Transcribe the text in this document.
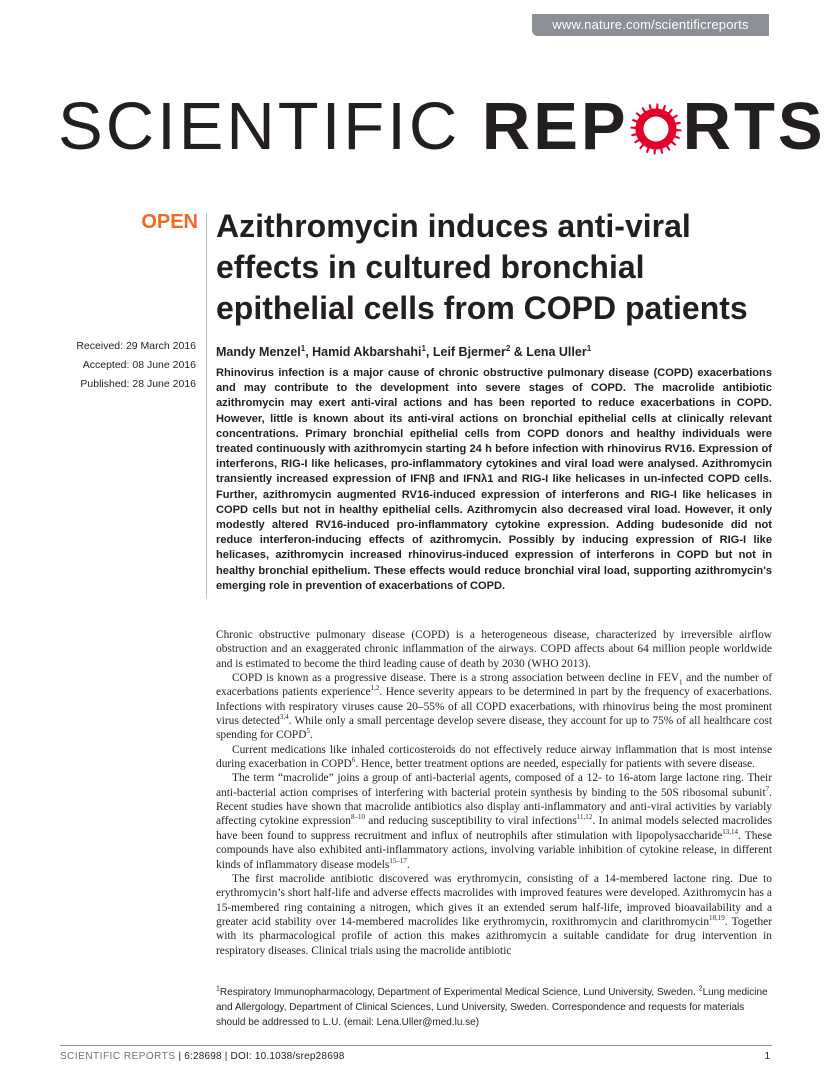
www.nature.com/scientificreports
SCIENTIFIC REP RTS
OPEN Azithromycin induces anti-viral effects in cultured bronchial epithelial cells from COPD patients
Received: 29 March 2016
Accepted: 08 June 2016
Published: 28 June 2016
Mandy Menzel$^1$, Hamid Akbarshahi$^1$, Leif Bjermer$^2$ & Lena Uller$^1$

Rhinovirus infection is a major cause of chronic obstructive pulmonary disease (COPD) exacerbations and may contribute to the development into severe stages of COPD. The macrolide antibiotic azithromycin may exert anti-viral actions and has been reported to reduce exacerbations in COPD. However, little is known about its anti-viral actions on bronchial epithelial cells at clinically relevant concentrations. Primary bronchial epithelial cells from COPD donors and healthy individuals were treated continuously with azithromycin starting 24 h before infection with rhinovirus RV16. Expression of interferons, RIG-I like helicases, pro-inflammatory cytokines and viral load were analysed. Azithromycin transiently increased expression of IFNβ and IFNλ1 and RIG-I like helicases in un-infected COPD cells. Further, azithromycin augmented RV16-induced expression of interferons and RIG-I like helicases in COPD cells but not in healthy epithelial cells. Azithromycin also decreased viral load. However, it only modestly altered RV16-induced pro-inflammatory cytokine expression. Adding budesonide did not reduce interferon-inducing effects of azithromycin. Possibly by inducing expression of RIG-I like helicases, azithromycin increased rhinovirus-induced expression of interferons in COPD but not in healthy bronchial epithelium. These effects would reduce bronchial viral load, supporting azithromycin's emerging role in prevention of exacerbations of COPD.

Chronic obstructive pulmonary disease (COPD) is a heterogeneous disease, characterized by irreversible airflow obstruction and an exaggerated chronic inflammation of the airways. COPD affects about 64 million people worldwide and is estimated to become the third leading cause of death by 2030 (WHO 2013).

COPD is known as a progressive disease. There is a strong association between decline in $FEV_1$ and the number of exacerbations patients experience$^{1,2}$. Hence severity appears to be determined in part by the frequency of exacerbations. Infections with respiratory viruses cause 20–55% of all COPD exacerbations, with rhinovirus being the most prominent virus detected$^{3,4}$. While only a small percentage develop severe disease, they account for up to 75% of all healthcare cost spending for COPD$^5$.

Current medications like inhaled corticosteroids do not effectively reduce airway inflammation that is most intense during exacerbation in COPD$^6$. Hence, better treatment options are needed, especially for patients with severe disease.

The term “macrolide” joins a group of anti-bacterial agents, composed of a 12- to 16-atom large lactone ring. Their anti-bacterial action comprises of interfering with bacterial protein synthesis by binding to the 50S ribosomal subunit$^7$. Recent studies have shown that macrolide antibiotics also display anti-inflammatory and anti-viral activities by variably affecting cytokine expression$^{8-10}$ and reducing susceptibility to viral infections$^{11,12}$. In animal models selected macrolides have been found to suppress recruitment and influx of neutrophils after stimulation with lipopolysaccharide$^{13,14}$. These compounds have also exhibited anti-inflammatory actions, involving variable inhibition of cytokine release, in different kinds of inflammatory disease models$^{15-17}$.

The first macrolide antibiotic discovered was erythromycin, consisting of a 14-membered lactone ring. Due to erythromycin’s short half-life and adverse effects macrolides with improved features were developed. Azithromycin has a 15-membered ring containing a nitrogen, which gives it an extended serum half-life, improved bioavailability and a greater acid stability over 14-membered macrolides like erythromycin, roxithromycin and clarithromycin$^{18,19}$. Together with its pharmacological profile of action this makes azithromycin a suitable candidate for drug intervention in respiratory diseases. Clinical trials using the macrolide antibiotic

$^1$Respiratory Immunopharmacology, Department of Experimental Medical Science, Lund University, Sweden. $^2$Lung medicine and Allergology, Department of Clinical Sciences, Lund University, Sweden. Correspondence and requests for materials should be addressed to L.U. (email: Lena.Uller@med.lu.se)
SCIENTIFIC REPORTS | 6:28698 | DOI: 10.1038/srep28698	1
